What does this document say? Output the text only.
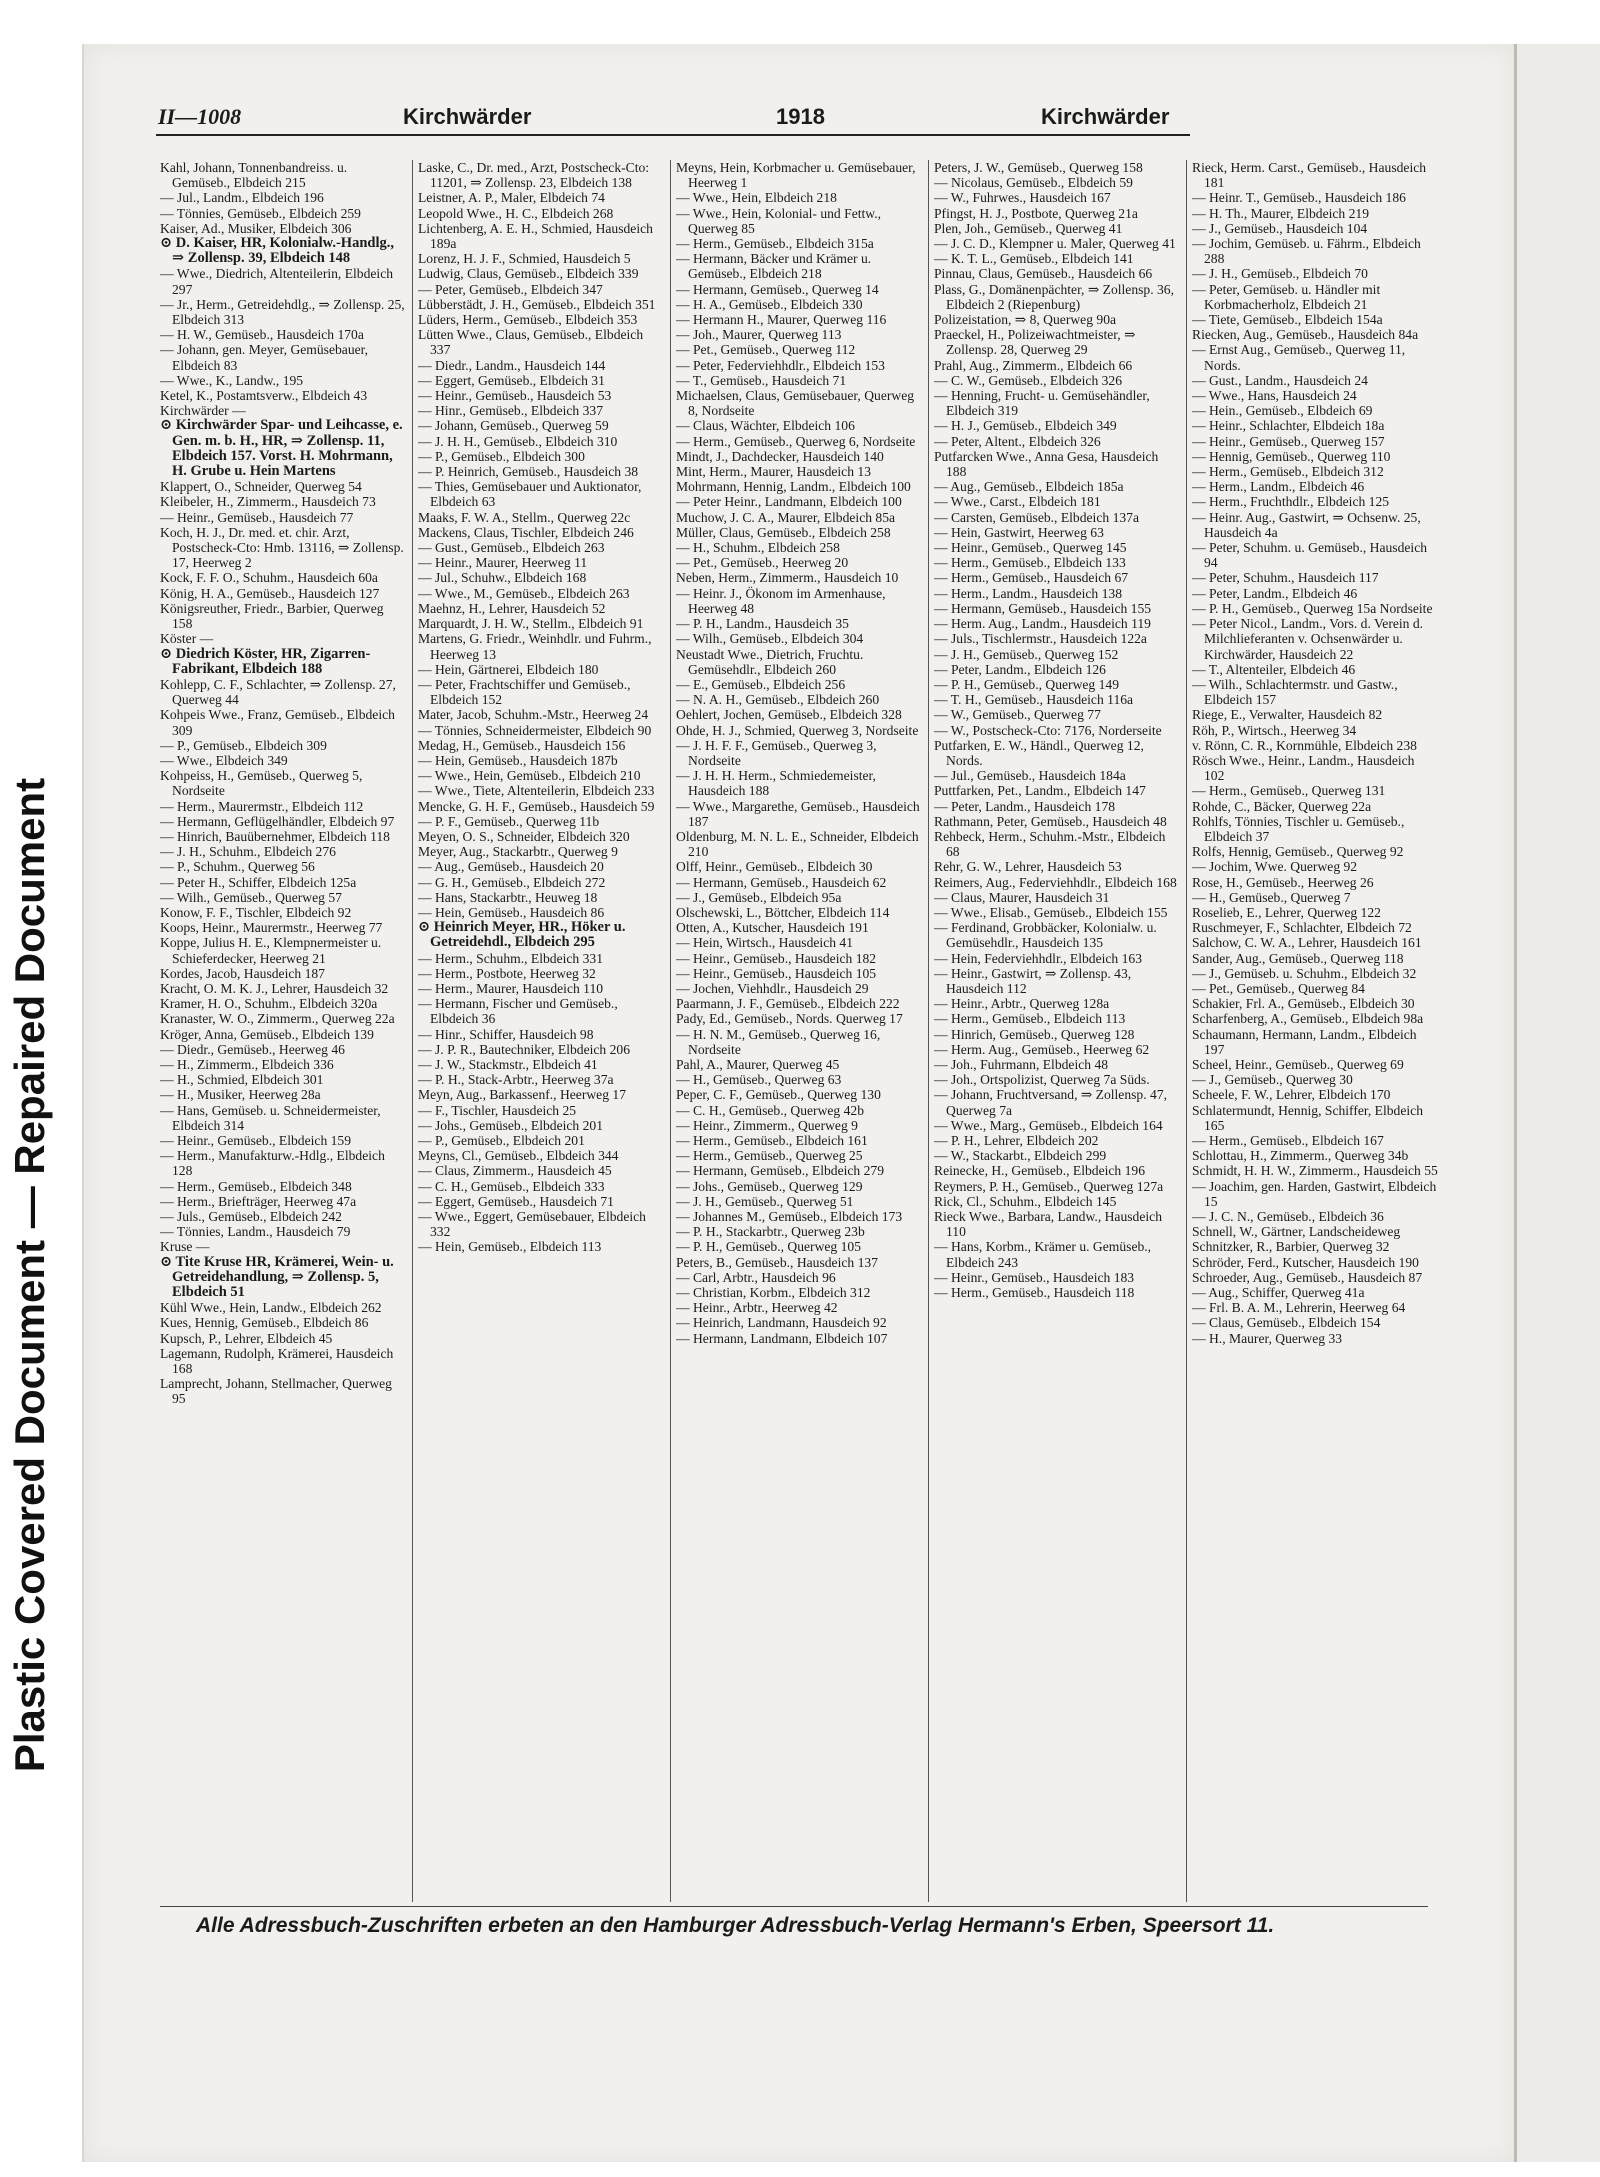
Plastic Covered Document — Repaired Document
II—1008	Kirchwärder	1918	Kirchwärder

Kahl, Johann, Tonnenbandreiss. u. Gemüseb., Elbdeich 215

— Jul., Landm., Elbdeich 196

— Tönnies, Gemüseb., Elbdeich 259

Kaiser, Ad., Musiker, Elbdeich 306

⊙ D. Kaiser, HR, Kolonialw.-Handlg., ⇒ Zollensp. 39, Elbdeich 148

— Wwe., Diedrich, Altenteilerin, Elbdeich 297

— Jr., Herm., Getreidehdlg., ⇒ Zollensp. 25, Elbdeich 313

— H. W., Gemüseb., Hausdeich 170a

— Johann, gen. Meyer, Gemüsebauer, Elbdeich 83

— Wwe., K., Landw., 195

Ketel, K., Postamtsverw., Elbdeich 43

Kirchwärder —

⊙ Kirchwärder Spar- und Leihcasse, e. Gen. m. b. H., HR, ⇒ Zollensp. 11, Elbdeich 157. Vorst. H. Mohrmann, H. Grube u. Hein Martens

Klappert, O., Schneider, Querweg 54

Kleibeler, H., Zimmerm., Hausdeich 73

— Heinr., Gemüseb., Hausdeich 77

Koch, H. J., Dr. med. et. chir. Arzt, Postscheck-Cto: Hmb. 13116, ⇒ Zollensp. 17, Heerweg 2

Kock, F. F. O., Schuhm., Hausdeich 60a

König, H. A., Gemüseb., Hausdeich 127

Königsreuther, Friedr., Barbier, Querweg 158

Köster —

⊙ Diedrich Köster, HR, Zigarren-Fabrikant, Elbdeich 188

Kohlepp, C. F., Schlachter, ⇒ Zollensp. 27, Querweg 44

Kohpeis Wwe., Franz, Gemüseb., Elbdeich 309

— P., Gemüseb., Elbdeich 309

— Wwe., Elbdeich 349

Kohpeiss, H., Gemüseb., Querweg 5, Nordseite

— Herm., Maurermstr., Elbdeich 112

— Hermann, Geflügelhändler, Elbdeich 97

— Hinrich, Bauübernehmer, Elbdeich 118

— J. H., Schuhm., Elbdeich 276

— P., Schuhm., Querweg 56

— Peter H., Schiffer, Elbdeich 125a

— Wilh., Gemüseb., Querweg 57

Konow, F. F., Tischler, Elbdeich 92

Koops, Heinr., Maurermstr., Heerweg 77

Koppe, Julius H. E., Klempnermeister u. Schieferdecker, Heerweg 21

Kordes, Jacob, Hausdeich 187

Kracht, O. M. K. J., Lehrer, Hausdeich 32

Kramer, H. O., Schuhm., Elbdeich 320a

Kranaster, W. O., Zimmerm., Querweg 22a

Kröger, Anna, Gemüseb., Elbdeich 139

— Diedr., Gemüseb., Heerweg 46

— H., Zimmerm., Elbdeich 336

— H., Schmied, Elbdeich 301

— H., Musiker, Heerweg 28a

— Hans, Gemüseb. u. Schneidermeister, Elbdeich 314

— Heinr., Gemüseb., Elbdeich 159

— Herm., Manufakturw.-Hdlg., Elbdeich 128

— Herm., Gemüseb., Elbdeich 348

— Herm., Briefträger, Heerweg 47a

— Juls., Gemüseb., Elbdeich 242

— Tönnies, Landm., Hausdeich 79

Kruse —

⊙ Tite Kruse HR, Krämerei, Wein- u. Getreidehandlung, ⇒ Zollensp. 5, Elbdeich 51

Kühl Wwe., Hein, Landw., Elbdeich 262

Kues, Hennig, Gemüseb., Elbdeich 86

Kupsch, P., Lehrer, Elbdeich 45

Lagemann, Rudolph, Krämerei, Hausdeich 168

Lamprecht, Johann, Stellmacher, Querweg 95

Laske, C., Dr. med., Arzt, Postscheck-Cto: 11201, ⇒ Zollensp. 23, Elbdeich 138

Leistner, A. P., Maler, Elbdeich 74

Leopold Wwe., H. C., Elbdeich 268

Lichtenberg, A. E. H., Schmied, Hausdeich 189a

Lorenz, H. J. F., Schmied, Hausdeich 5

Ludwig, Claus, Gemüseb., Elbdeich 339

— Peter, Gemüseb., Elbdeich 347

Lübberstädt, J. H., Gemüseb., Elbdeich 351

Lüders, Herm., Gemüseb., Elbdeich 353

Lütten Wwe., Claus, Gemüseb., Elbdeich 337

— Diedr., Landm., Hausdeich 144

— Eggert, Gemüseb., Elbdeich 31

— Heinr., Gemüseb., Hausdeich 53

— Hinr., Gemüseb., Elbdeich 337

— Johann, Gemüseb., Querweg 59

— J. H. H., Gemüseb., Elbdeich 310

— P., Gemüseb., Elbdeich 300

— P. Heinrich, Gemüseb., Hausdeich 38

— Thies, Gemüsebauer und Auktionator, Elbdeich 63

Maaks, F. W. A., Stellm., Querweg 22c

Mackens, Claus, Tischler, Elbdeich 246

— Gust., Gemüseb., Elbdeich 263

— Heinr., Maurer, Heerweg 11

— Jul., Schuhw., Elbdeich 168

— Wwe., M., Gemüseb., Elbdeich 263

Maehnz, H., Lehrer, Hausdeich 52

Marquardt, J. H. W., Stellm., Elbdeich 91

Martens, G. Friedr., Weinhdlr. und Fuhrm., Heerweg 13

— Hein, Gärtnerei, Elbdeich 180

— Peter, Frachtschiffer und Gemüseb., Elbdeich 152

Mater, Jacob, Schuhm.-Mstr., Heerweg 24

— Tönnies, Schneidermeister, Elbdeich 90

Medag, H., Gemüseb., Hausdeich 156

— Hein, Gemüseb., Hausdeich 187b

— Wwe., Hein, Gemüseb., Elbdeich 210

— Wwe., Tiete, Altenteilerin, Elbdeich 233

Mencke, G. H. F., Gemüseb., Hausdeich 59

— P. F., Gemüseb., Querweg 11b

Meyen, O. S., Schneider, Elbdeich 320

Meyer, Aug., Stackarbtr., Querweg 9

— Aug., Gemüseb., Hausdeich 20

— G. H., Gemüseb., Elbdeich 272

— Hans, Stackarbtr., Heuweg 18

— Hein, Gemüseb., Hausdeich 86

⊙ Heinrich Meyer, HR., Höker u. Getreidehdl., Elbdeich 295

— Herm., Schuhm., Elbdeich 331

— Herm., Postbote, Heerweg 32

— Herm., Maurer, Hausdeich 110

— Hermann, Fischer und Gemüseb., Elbdeich 36

— Hinr., Schiffer, Hausdeich 98

— J. P. R., Bautechniker, Elbdeich 206

— J. W., Stackmstr., Elbdeich 41

— P. H., Stack-Arbtr., Heerweg 37a

Meyn, Aug., Barkassenf., Heerweg 17

— F., Tischler, Hausdeich 25

— Johs., Gemüseb., Elbdeich 201

— P., Gemüseb., Elbdeich 201

Meyns, Cl., Gemüseb., Elbdeich 344

— Claus, Zimmerm., Hausdeich 45

— C. H., Gemüseb., Elbdeich 333

— Eggert, Gemüseb., Hausdeich 71

— Wwe., Eggert, Gemüsebauer, Elbdeich 332

— Hein, Gemüseb., Elbdeich 113

Meyns, Hein, Korbmacher u. Gemüsebauer, Heerweg 1

— Wwe., Hein, Elbdeich 218

— Wwe., Hein, Kolonial- und Fettw., Querweg 85

— Herm., Gemüseb., Elbdeich 315a

— Hermann, Bäcker und Krämer u. Gemüseb., Elbdeich 218

— Hermann, Gemüseb., Querweg 14

— H. A., Gemüseb., Elbdeich 330

— Hermann H., Maurer, Querweg 116

— Joh., Maurer, Querweg 113

— Pet., Gemüseb., Querweg 112

— Peter, Federviehhdlr., Elbdeich 153

— T., Gemüseb., Hausdeich 71

Michaelsen, Claus, Gemüsebauer, Querweg 8, Nordseite

— Claus, Wächter, Elbdeich 106

— Herm., Gemüseb., Querweg 6, Nordseite

Mindt, J., Dachdecker, Hausdeich 140

Mint, Herm., Maurer, Hausdeich 13

Mohrmann, Hennig, Landm., Elbdeich 100

— Peter Heinr., Landmann, Elbdeich 100

Muchow, J. C. A., Maurer, Elbdeich 85a

Müller, Claus, Gemüseb., Elbdeich 258

— H., Schuhm., Elbdeich 258

— Pet., Gemüseb., Heerweg 20

Neben, Herm., Zimmerm., Hausdeich 10

— Heinr. J., Ökonom im Armenhause, Heerweg 48

— P. H., Landm., Hausdeich 35

— Wilh., Gemüseb., Elbdeich 304

Neustadt Wwe., Dietrich, Fruchtu. Gemüsehdlr., Elbdeich 260

— E., Gemüseb., Elbdeich 256

— N. A. H., Gemüseb., Elbdeich 260

Oehlert, Jochen, Gemüseb., Elbdeich 328

Ohde, H. J., Schmied, Querweg 3, Nordseite

— J. H. F. F., Gemüseb., Querweg 3, Nordseite

— J. H. H. Herm., Schmiedemeister, Hausdeich 188

— Wwe., Margarethe, Gemüseb., Hausdeich 187

Oldenburg, M. N. L. E., Schneider, Elbdeich 210

Olff, Heinr., Gemüseb., Elbdeich 30

— Hermann, Gemüseb., Hausdeich 62

— J., Gemüseb., Elbdeich 95a

Olschewski, L., Böttcher, Elbdeich 114

Otten, A., Kutscher, Hausdeich 191

— Hein, Wirtsch., Hausdeich 41

— Heinr., Gemüseb., Hausdeich 182

— Heinr., Gemüseb., Hausdeich 105

— Jochen, Viehhdlr., Hausdeich 29

Paarmann, J. F., Gemüseb., Elbdeich 222

Pady, Ed., Gemüseb., Nords. Querweg 17

— H. N. M., Gemüseb., Querweg 16, Nordseite

Pahl, A., Maurer, Querweg 45

— H., Gemüseb., Querweg 63

Peper, C. F., Gemüseb., Querweg 130

— C. H., Gemüseb., Querweg 42b

— Heinr., Zimmerm., Querweg 9

— Herm., Gemüseb., Elbdeich 161

— Herm., Gemüseb., Querweg 25

— Hermann, Gemüseb., Elbdeich 279

— Johs., Gemüseb., Querweg 129

— J. H., Gemüseb., Querweg 51

— Johannes M., Gemüseb., Elbdeich 173

— P. H., Stackarbtr., Querweg 23b

— P. H., Gemüseb., Querweg 105

Peters, B., Gemüseb., Hausdeich 137

— Carl, Arbtr., Hausdeich 96

— Christian, Korbm., Elbdeich 312

— Heinr., Arbtr., Heerweg 42

— Heinrich, Landmann, Hausdeich 92

— Hermann, Landmann, Elbdeich 107

Peters, J. W., Gemüseb., Querweg 158

— Nicolaus, Gemüseb., Elbdeich 59

— W., Fuhrwes., Hausdeich 167

Pfingst, H. J., Postbote, Querweg 21a

Plen, Joh., Gemüseb., Querweg 41

— J. C. D., Klempner u. Maler, Querweg 41

— K. T. L., Gemüseb., Elbdeich 141

Pinnau, Claus, Gemüseb., Hausdeich 66

Plass, G., Domänenpächter, ⇒ Zollensp. 36, Elbdeich 2 (Riepenburg)

Polizeistation, ⇒ 8, Querweg 90a

Praeckel, H., Polizeiwachtmeister, ⇒ Zollensp. 28, Querweg 29

Prahl, Aug., Zimmerm., Elbdeich 66

— C. W., Gemüseb., Elbdeich 326

— Henning, Frucht- u. Gemüsehändler, Elbdeich 319

— H. J., Gemüseb., Elbdeich 349

— Peter, Altent., Elbdeich 326

Putfarcken Wwe., Anna Gesa, Hausdeich 188

— Aug., Gemüseb., Elbdeich 185a

— Wwe., Carst., Elbdeich 181

— Carsten, Gemüseb., Elbdeich 137a

— Hein, Gastwirt, Heerweg 63

— Heinr., Gemüseb., Querweg 145

— Herm., Gemüseb., Elbdeich 133

— Herm., Gemüseb., Hausdeich 67

— Herm., Landm., Hausdeich 138

— Hermann, Gemüseb., Hausdeich 155

— Herm. Aug., Landm., Hausdeich 119

— Juls., Tischlermstr., Hausdeich 122a

— J. H., Gemüseb., Querweg 152

— Peter, Landm., Elbdeich 126

— P. H., Gemüseb., Querweg 149

— T. H., Gemüseb., Hausdeich 116a

— W., Gemüseb., Querweg 77

— W., Postscheck-Cto: 7176, Norderseite

Putfarken, E. W., Händl., Querweg 12, Nords.

— Jul., Gemüseb., Hausdeich 184a

Puttfarken, Pet., Landm., Elbdeich 147

— Peter, Landm., Hausdeich 178

Rathmann, Peter, Gemüseb., Hausdeich 48

Rehbeck, Herm., Schuhm.-Mstr., Elbdeich 68

Rehr, G. W., Lehrer, Hausdeich 53

Reimers, Aug., Federviehhdlr., Elbdeich 168

— Claus, Maurer, Hausdeich 31

— Wwe., Elisab., Gemüseb., Elbdeich 155

— Ferdinand, Grobbäcker, Kolonialw. u. Gemüsehdlr., Hausdeich 135

— Hein, Federviehhdlr., Elbdeich 163

— Heinr., Gastwirt, ⇒ Zollensp. 43, Hausdeich 112

— Heinr., Arbtr., Querweg 128a

— Herm., Gemüseb., Elbdeich 113

— Hinrich, Gemüseb., Querweg 128

— Herm. Aug., Gemüseb., Heerweg 62

— Joh., Fuhrmann, Elbdeich 48

— Joh., Ortspolizist, Querweg 7a Süds.

— Johann, Fruchtversand, ⇒ Zollensp. 47, Querweg 7a

— Wwe., Marg., Gemüseb., Elbdeich 164

— P. H., Lehrer, Elbdeich 202

— W., Stackarbt., Elbdeich 299

Reinecke, H., Gemüseb., Elbdeich 196

Reymers, P. H., Gemüseb., Querweg 127a

Rick, Cl., Schuhm., Elbdeich 145

Rieck Wwe., Barbara, Landw., Hausdeich 110

— Hans, Korbm., Krämer u. Gemüseb., Elbdeich 243

— Heinr., Gemüseb., Hausdeich 183

— Herm., Gemüseb., Hausdeich 118

Rieck, Herm. Carst., Gemüseb., Hausdeich 181

— Heinr. T., Gemüseb., Hausdeich 186

— H. Th., Maurer, Elbdeich 219

— J., Gemüseb., Hausdeich 104

— Jochim, Gemüseb. u. Fährm., Elbdeich 288

— J. H., Gemüseb., Elbdeich 70

— Peter, Gemüseb. u. Händler mit Korbmacherholz, Elbdeich 21

— Tiete, Gemüseb., Elbdeich 154a

Riecken, Aug., Gemüseb., Hausdeich 84a

— Ernst Aug., Gemüseb., Querweg 11, Nords.

— Gust., Landm., Hausdeich 24

— Wwe., Hans, Hausdeich 24

— Hein., Gemüseb., Elbdeich 69

— Heinr., Schlachter, Elbdeich 18a

— Heinr., Gemüseb., Querweg 157

— Hennig, Gemüseb., Querweg 110

— Herm., Gemüseb., Elbdeich 312

— Herm., Landm., Elbdeich 46

— Herm., Fruchthdlr., Elbdeich 125

— Heinr. Aug., Gastwirt, ⇒ Ochsenw. 25, Hausdeich 4a

— Peter, Schuhm. u. Gemüseb., Hausdeich 94

— Peter, Schuhm., Hausdeich 117

— Peter, Landm., Elbdeich 46

— P. H., Gemüseb., Querweg 15a Nordseite

— Peter Nicol., Landm., Vors. d. Verein d. Milchlieferanten v. Ochsenwärder u. Kirchwärder, Hausdeich 22

— T., Altenteiler, Elbdeich 46

— Wilh., Schlachtermstr. und Gastw., Elbdeich 157

Riege, E., Verwalter, Hausdeich 82

Röh, P., Wirtsch., Heerweg 34

v. Rönn, C. R., Kornmühle, Elbdeich 238

Rösch Wwe., Heinr., Landm., Hausdeich 102

— Herm., Gemüseb., Querweg 131

Rohde, C., Bäcker, Querweg 22a

Rohlfs, Tönnies, Tischler u. Gemüseb., Elbdeich 37

Rolfs, Hennig, Gemüseb., Querweg 92

— Jochim, Wwe. Querweg 92

Rose, H., Gemüseb., Heerweg 26

— H., Gemüseb., Querweg 7

Roselieb, E., Lehrer, Querweg 122

Ruschmeyer, F., Schlachter, Elbdeich 72

Salchow, C. W. A., Lehrer, Hausdeich 161

Sander, Aug., Gemüseb., Querweg 118

— J., Gemüseb. u. Schuhm., Elbdeich 32

— Pet., Gemüseb., Querweg 84

Schakier, Frl. A., Gemüseb., Elbdeich 30

Scharfenberg, A., Gemüseb., Elbdeich 98a

Schaumann, Hermann, Landm., Elbdeich 197

Scheel, Heinr., Gemüseb., Querweg 69

— J., Gemüseb., Querweg 30

Scheele, F. W., Lehrer, Elbdeich 170

Schlatermundt, Hennig, Schiffer, Elbdeich 165

— Herm., Gemüseb., Elbdeich 167

Schlottau, H., Zimmerm., Querweg 34b

Schmidt, H. H. W., Zimmerm., Hausdeich 55

— Joachim, gen. Harden, Gastwirt, Elbdeich 15

— J. C. N., Gemüseb., Elbdeich 36

Schnell, W., Gärtner, Landscheideweg

Schnitzker, R., Barbier, Querweg 32

Schröder, Ferd., Kutscher, Hausdeich 190

Schroeder, Aug., Gemüseb., Hausdeich 87

— Aug., Schiffer, Querweg 41a

— Frl. B. A. M., Lehrerin, Heerweg 64

— Claus, Gemüseb., Elbdeich 154

— H., Maurer, Querweg 33

Alle Adressbuch-Zuschriften erbeten an den Hamburger Adressbuch-Verlag Hermann's Erben, Speersort 11.
